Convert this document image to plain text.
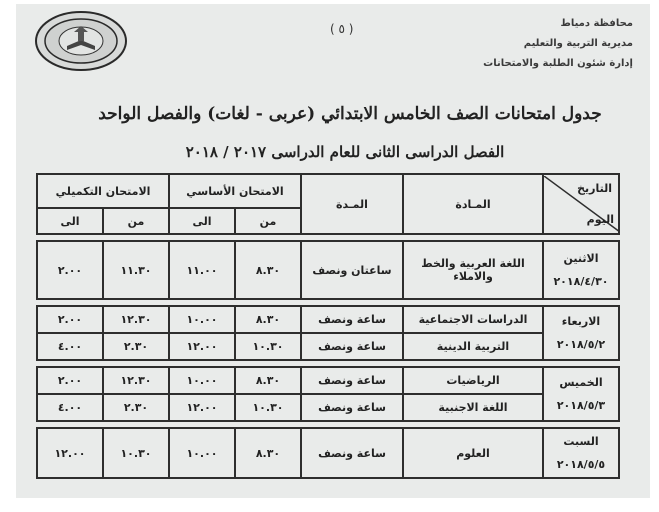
( ٥ )	محافظة دمياط
مديرية التربية والتعليم
إدارة شئون الطلبة والامتحانات
جدول امتحانات الصف الخامس الابتدائي (عربى - لغات) والفصل الواحد
الفصل الدراسى الثانى للعام الدراسى ٢٠١٧ / ٢٠١٨
الامتحان التكميلي		الامتحان الأساسي		المـدة	المـادة	التاريخ
اليوم

الى	من	الى	من			

٢.٠٠	١١.٣٠	١١.٠٠	٨.٣٠	ساعتان ونصف	اللغة العربية والخط والاملاء	الاثنين
٢٠١٨/٤/٣٠

٢.٠٠	١٢.٣٠	١٠.٠٠	٨.٣٠	ساعة ونصف	الدراسات الاجتماعية	الاربعاء
٢٠١٨/٥/٢

٤.٠٠	٢.٣٠	١٢.٠٠	١٠.٣٠	ساعة ونصف	التربية الدينية	

٢.٠٠	١٢.٣٠	١٠.٠٠	٨.٣٠	ساعة ونصف	الرياضيات	الخميس
٢٠١٨/٥/٣

٤.٠٠	٢.٣٠	١٢.٠٠	١٠.٣٠	ساعة ونصف	اللغة الاجنبية	

١٢.٠٠	١٠.٣٠	١٠.٠٠	٨.٣٠	ساعة ونصف	العلوم	السبت
٢٠١٨/٥/٥
